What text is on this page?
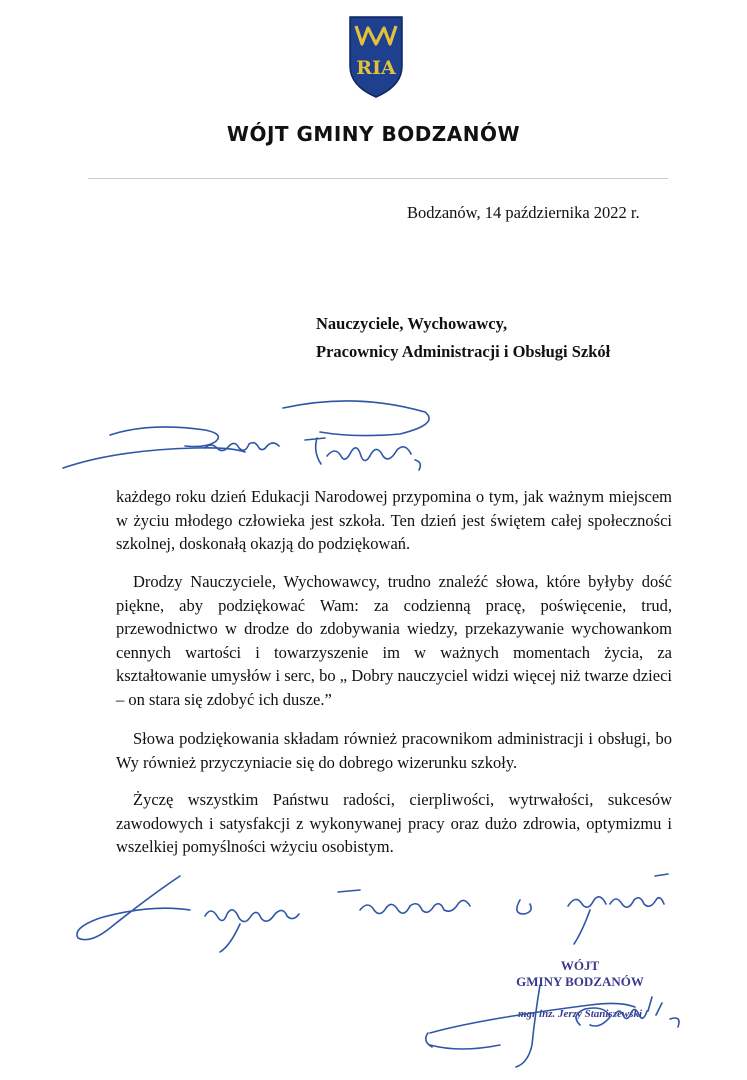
RIA
WÓJT GMINY BODZANÓW
Bodzanów, 14 października 2022 r.
Nauczyciele, Wychowawcy,
Pracownicy Administracji i Obsługi Szkół
każdego roku dzień Edukacji Narodowej przypomina o tym, jak ważnym miejscem w życiu młodego człowieka jest szkoła. Ten dzień jest świętem całej społeczności szkolnej, doskonałą okazją do podziękowań.
Drodzy Nauczyciele, Wychowawcy, trudno znaleźć słowa, które byłyby dość piękne, aby podziękować Wam: za codzienną pracę, poświęcenie, trud, przewodnictwo w drodze do zdobywania wiedzy, przekazywanie wychowankom cennych wartości i towarzyszenie im w ważnych momentach życia, za kształtowanie umysłów i serc, bo „ Dobry nauczyciel widzi więcej niż twarze dzieci – on stara się zdobyć ich dusze.”
Słowa podziękowania składam również pracownikom administracji i obsługi, bo Wy również przyczyniacie się do dobrego wizerunku szkoły.
Życzę wszystkim Państwu radości, cierpliwości, wytrwałości, sukcesów zawodowych i satysfakcji z wykonywanej pracy oraz dużo zdrowia, optymizmu i wszelkiej pomyślności wżyciu osobistym.
WÓJT
GMINY BODZANÓW
mgr inż. Jerzy Staniszewski
